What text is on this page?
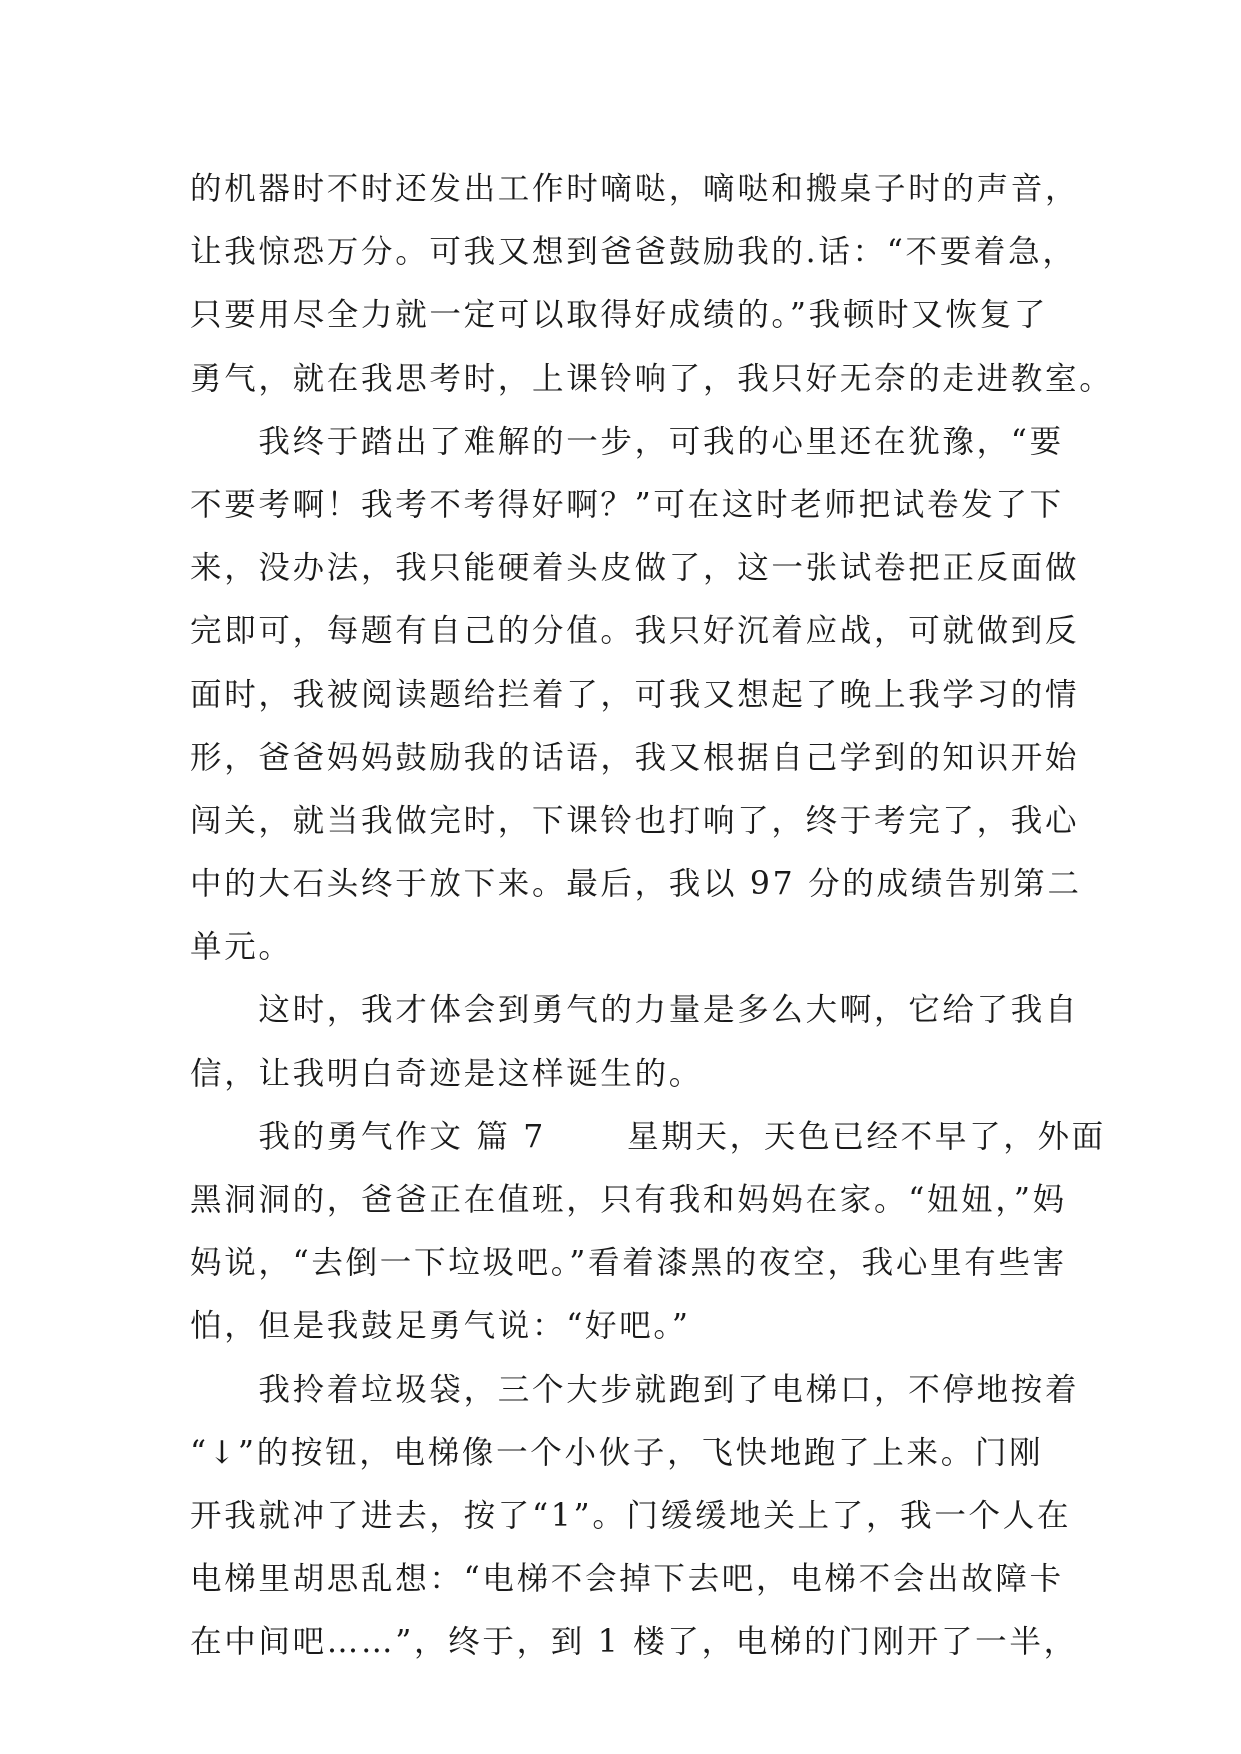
的机器时不时还发出工作时嘀哒，嘀哒和搬桌子时的声音，
让我惊恐万分。可我又想到爸爸鼓励我的.话：“不要着急，
只要用尽全力就一定可以取得好成绩的。”我顿时又恢复了
勇气，就在我思考时，上课铃响了，我只好无奈的走进教室。
　　我终于踏出了难解的一步，可我的心里还在犹豫，“要
不要考啊！我考不考得好啊？”可在这时老师把试卷发了下
来，没办法，我只能硬着头皮做了，这一张试卷把正反面做
完即可，每题有自己的分值。我只好沉着应战，可就做到反
面时，我被阅读题给拦着了，可我又想起了晚上我学习的情
形，爸爸妈妈鼓励我的话语，我又根据自己学到的知识开始
闯关，就当我做完时，下课铃也打响了，终于考完了，我心
中的大石头终于放下来。最后，我以 97 分的成绩告别第二
单元。
　　这时，我才体会到勇气的力量是多么大啊，它给了我自
信，让我明白奇迹是这样诞生的。
　　我的勇气作文 篇 7　　 星期天，天色已经不早了，外面
黑洞洞的，爸爸正在值班，只有我和妈妈在家。“妞妞，”妈
妈说，“去倒一下垃圾吧。”看着漆黑的夜空，我心里有些害
怕，但是我鼓足勇气说：“好吧。”
　　我拎着垃圾袋，三个大步就跑到了电梯口，不停地按着
“↓”的按钮，电梯像一个小伙子，飞快地跑了上来。门刚
开我就冲了进去，按了“1”。门缓缓地关上了，我一个人在
电梯里胡思乱想：“电梯不会掉下去吧，电梯不会出故障卡
在中间吧……”，终于，到 1 楼了，电梯的门刚开了一半，
